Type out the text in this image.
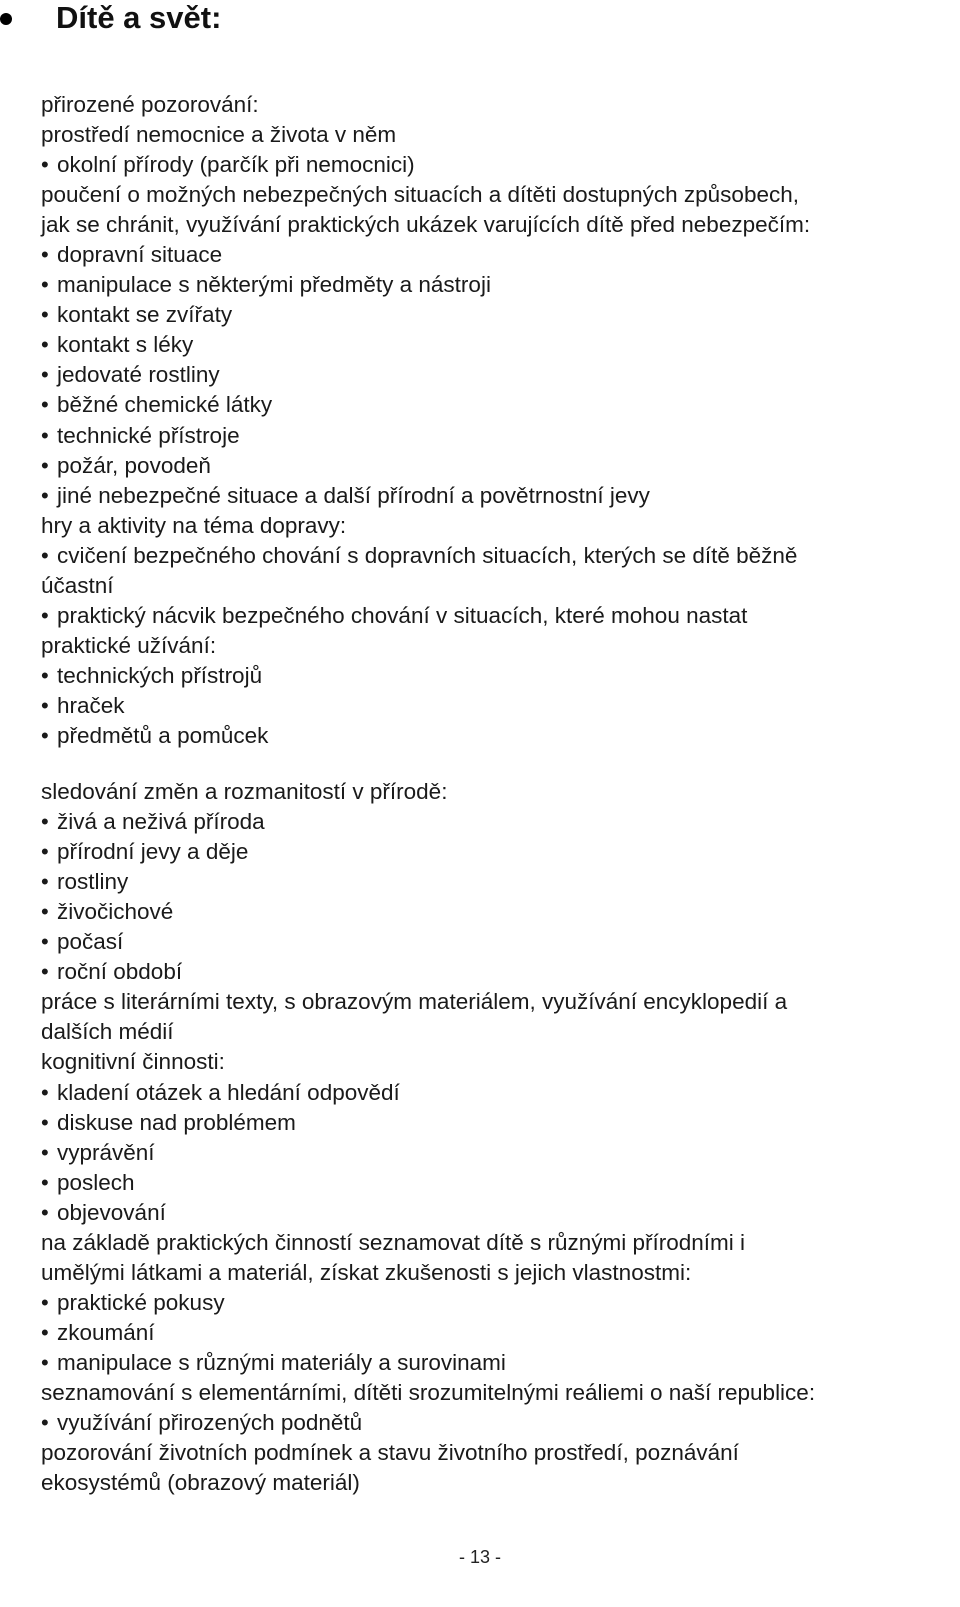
Dítě a svět:
přirozené pozorování:
prostředí nemocnice a života v něm
• okolní přírody (parčík při nemocnici)
poučení o možných nebezpečných situacích a dítěti dostupných způsobech,
jak se chránit, využívání praktických ukázek varujících dítě před nebezpečím:
• dopravní situace
• manipulace s některými předměty a nástroji
• kontakt se zvířaty
• kontakt s léky
• jedovaté rostliny
• běžné chemické látky
• technické přístroje
• požár, povodeň
• jiné nebezpečné situace a další přírodní a povětrnostní jevy
hry a aktivity na téma dopravy:
• cvičení bezpečného chování s dopravních situacích, kterých se dítě běžně
účastní
• praktický nácvik bezpečného chování v situacích, které mohou nastat
praktické užívání:
• technických přístrojů
• hraček
• předmětů a pomůcek
sledování změn a rozmanitostí v přírodě:
• živá a neživá příroda
• přírodní jevy a děje
• rostliny
• živočichové
• počasí
• roční období
práce s literárními texty, s obrazovým materiálem, využívání encyklopedií a
dalších médií
kognitivní činnosti:
• kladení otázek a hledání odpovědí
• diskuse nad problémem
• vyprávění
• poslech
• objevování
na základě praktických činností seznamovat dítě s různými přírodními i
umělými látkami a materiál, získat zkušenosti s jejich vlastnostmi:
• praktické pokusy
• zkoumání
• manipulace s různými materiály a surovinami
seznamování s elementárními, dítěti srozumitelnými reáliemi o naší republice:
• využívání přirozených podnětů
pozorování životních podmínek a stavu životního prostředí, poznávání
ekosystémů (obrazový materiál)
- 13 -
